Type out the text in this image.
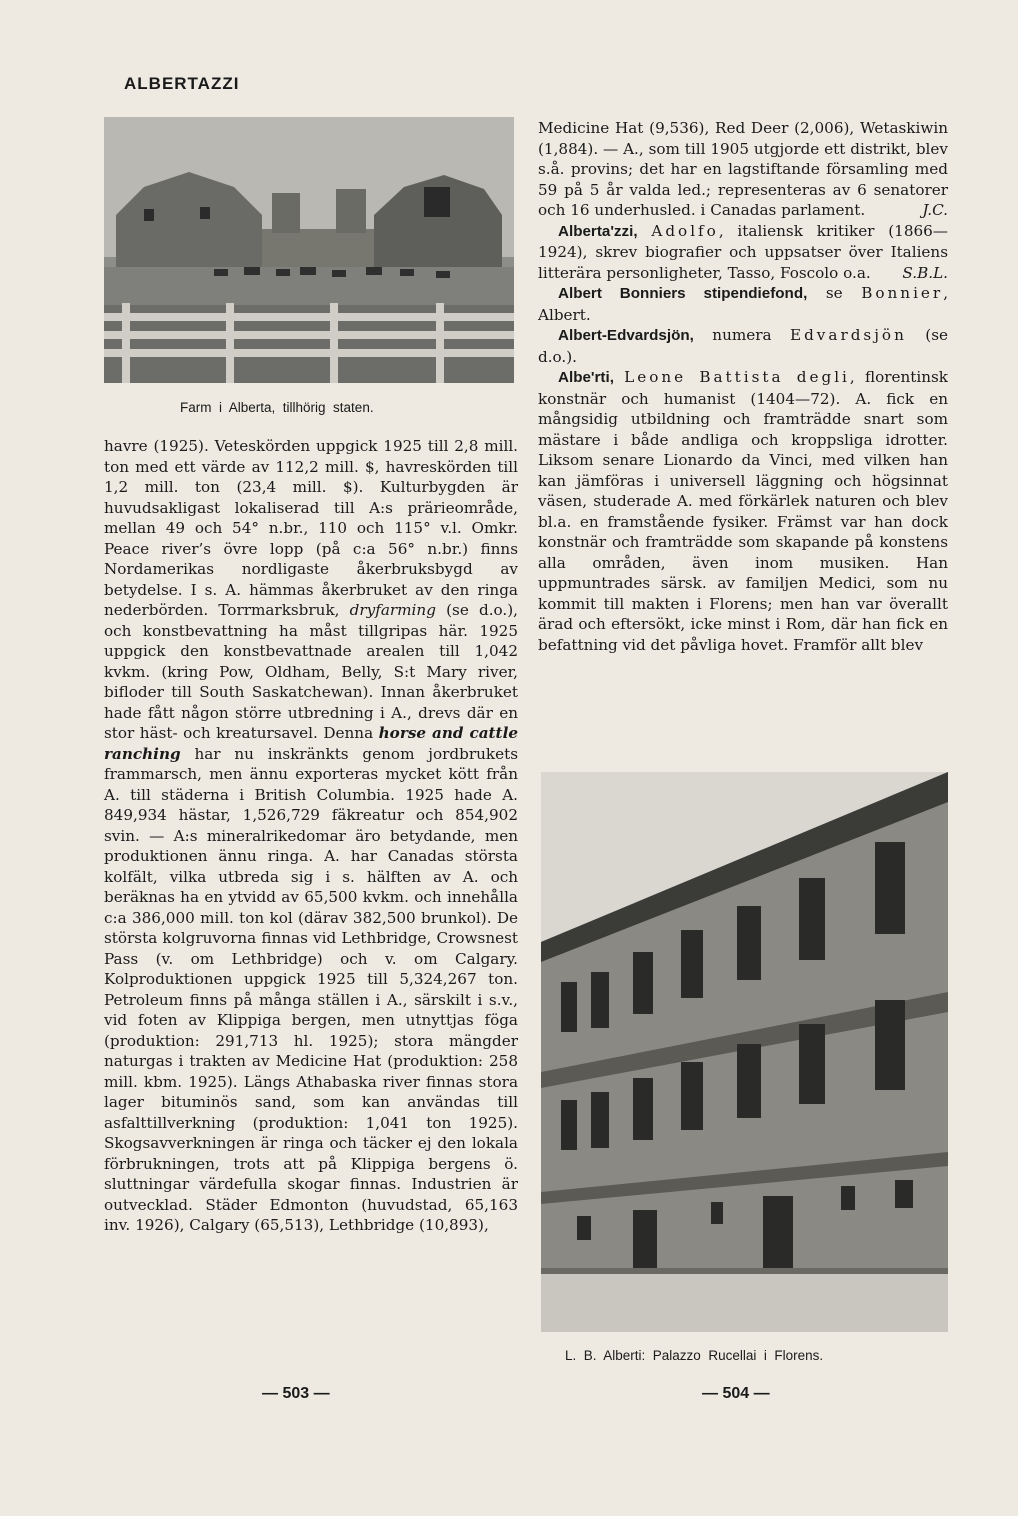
ALBERTAZZI
Farm  i  Alberta,  tillhörig  staten.

havre (1925). Veteskörden uppgick 1925 till 2,8 mill. ton med ett värde av 112,2 mill. $, havreskörden till 1,2 mill. ton (23,4 mill. $). Kulturbygden är huvudsakligast lokaliserad till A:s prärieområde, mellan 49 och 54° n.br., 110 och 115° v.l. Omkr. Peace river’s övre lopp (på c:a 56° n.br.) finns Nordamerikas nordligaste åkerbruksbygd av betydelse. I s. A. hämmas åkerbruket av den ringa nederbörden. Torrmarksbruk, dryfarming (se d.o.), och konstbevattning ha måst tillgripas här. 1925 uppgick den konstbevattnade arealen till 1,042 kvkm. (kring Pow, Oldham, Belly, S:t Mary river, bifloder till South Saskatchewan). Innan åkerbruket hade fått någon större utbredning i A., drevs där en stor häst- och kreatursavel. Denna horse and cattle ranching har nu inskränkts genom jordbrukets frammarsch, men ännu exporteras mycket kött från A. till städerna i British Columbia. 1925 hade A. 849,934 hästar, 1,526,729 fäkreatur och 854,902 svin. — A:s mineralrikedomar äro betydande, men produktionen ännu ringa. A. har Canadas största kolfält, vilka utbreda sig i s. hälften av A. och beräknas ha en ytvidd av 65,500 kvkm. och innehålla c:a 386,000 mill. ton kol (därav 382,500 brunkol). De största kolgruvorna finnas vid Lethbridge, Crowsnest Pass (v. om Lethbridge) och v. om Calgary. Kolproduktionen uppgick 1925 till 5,324,267 ton. Petroleum finns på många ställen i A., särskilt i s.v., vid foten av Klippiga bergen, men utnyttjas föga (produktion: 291,713 hl. 1925); stora mängder naturgas i trakten av Medicine Hat (produktion: 258 mill. kbm. 1925). Längs Athabaska river finnas stora lager bituminös sand, som kan användas till asfalttillverkning (produktion: 1,041 ton 1925). Skogsavverkningen är ringa och täcker ej den lokala förbrukningen, trots att på Klippiga bergens ö. sluttningar värdefulla skogar finnas. Industrien är outvecklad. Städer Edmonton (huvudstad, 65,163 inv. 1926), Calgary (65,513), Lethbridge (10,893),

Medicine Hat (9,536), Red Deer (2,006), Wetaskiwin (1,884). — A., som till 1905 utgjorde ett distrikt, blev s.å. provins; det har en lagstiftande församling med 59 på 5 år valda led.; representeras av 6 senatorer och 16 underhusled. i Canadas parlament.	J.C.

Alberta'zzi, Adolfo, italiensk kritiker (1866—1924), skrev biografier och uppsatser över Italiens litterära personligheter, Tasso, Foscolo o.a.	S.B.L.

Albert Bonniers stipendiefond, se Bonnier, Albert.

Albert-Edvardsjön, numera Edvardsjön (se d.o.).

Albe'rti, Leone Battista degli, florentinsk konstnär och humanist (1404—72). A. fick en mångsidig utbildning och framträdde snart som mästare i både andliga och kroppsliga idrotter. Liksom senare Lionardo da Vinci, med vilken han kan jämföras i universell läggning och högsinnat väsen, studerade A. med förkärlek naturen och blev bl.a. en framstående fysiker. Främst var han dock konstnär och framträdde som skapande på konstens alla områden, även inom musiken. Han uppmuntrades särsk. av familjen Medici, som nu kommit till makten i Florens; men han var överallt ärad och eftersökt, icke minst i Rom, där han fick en befattning vid det påvliga hovet. Framför allt blev

L.  B.  Alberti:  Palazzo  Rucellai  i  Florens.
— 503 —	— 504 —
